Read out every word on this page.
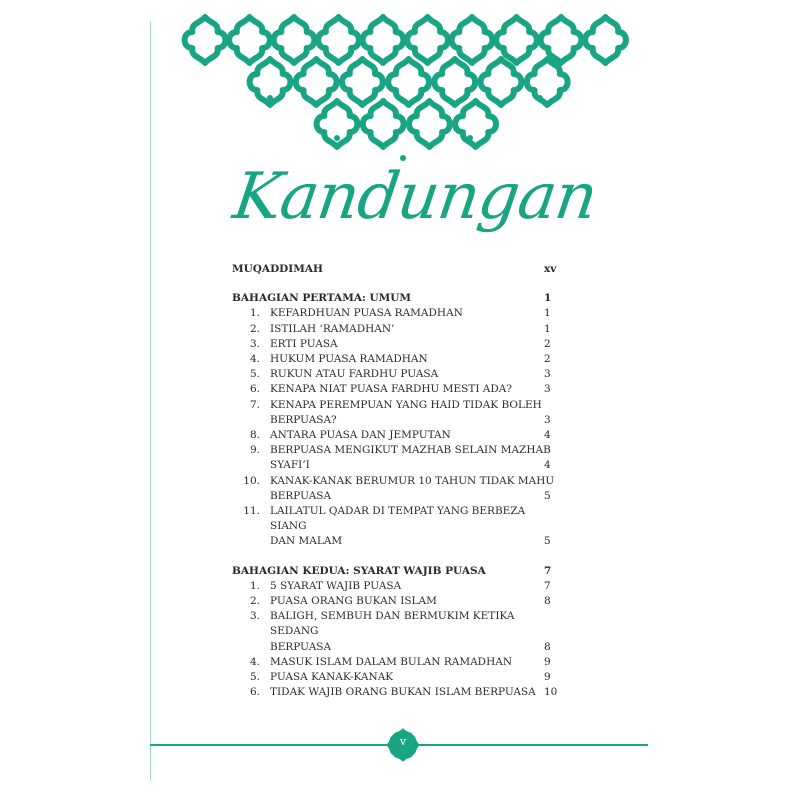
Kandungan
MUQADDIMAH	xv
BAHAGIAN PERTAMA: UMUM	1
1. KEFARDHUAN PUASA RAMADHAN	1
2. ISTILAH ‘RAMADHAN’	1
3. ERTI PUASA	2
4. HUKUM PUASA RAMADHAN	2
5. RUKUN ATAU FARDHU PUASA	3
6. KENAPA NIAT PUASA FARDHU MESTI ADA?	3
7. KENAPA PEREMPUAN YANG HAID TIDAK BOLEH
BERPUASA?	3
8. ANTARA PUASA DAN JEMPUTAN	4
9. BERPUASA MENGIKUT MAZHAB SELAIN MAZHAB
SYAFI’I	4
10. KANAK-KANAK BERUMUR 10 TAHUN TIDAK MAHU
BERPUASA	5
11. LAILATUL QADAR DI TEMPAT YANG BERBEZA SIANG
DAN MALAM	5
BAHAGIAN KEDUA: SYARAT WAJIB PUASA	7
1. 5 SYARAT WAJIB PUASA	7
2. PUASA ORANG BUKAN ISLAM	8
3. BALIGH, SEMBUH DAN BERMUKIM KETIKA SEDANG
BERPUASA	8
4. MASUK ISLAM DALAM BULAN RAMADHAN	9
5. PUASA KANAK-KANAK	9
6. TIDAK WAJIB ORANG BUKAN ISLAM BERPUASA 10
v
